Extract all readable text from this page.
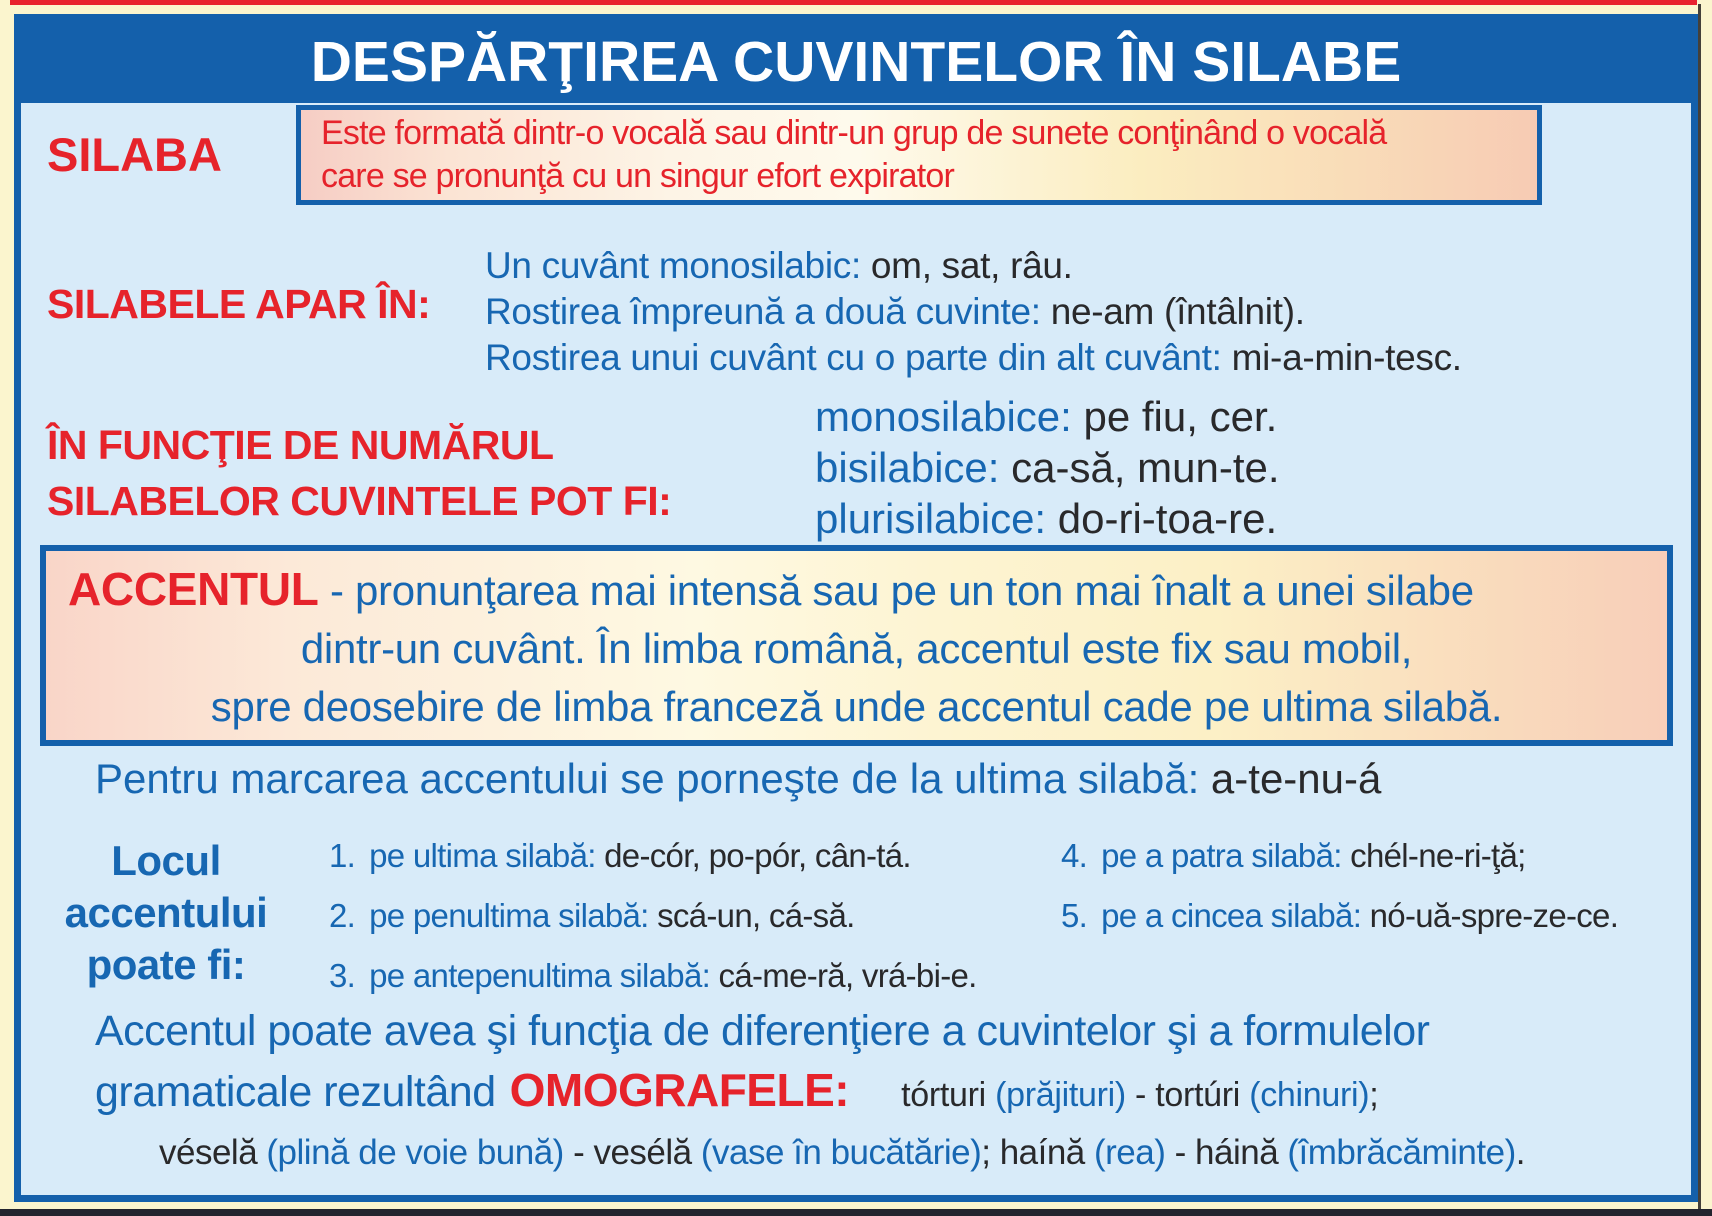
DESPĂRŢIREA CUVINTELOR ÎN SILABE
SILABA	Este formată dintr-o vocală sau dintr-un grup de sunete conţinând o vocală
care se pronunţă cu un singur efort expirator
SILABELE APAR ÎN:
Un cuvânt monosilabic: om, sat, râu.
Rostirea împreună a două cuvinte: ne-am (întâlnit).
Rostirea unui cuvânt cu o parte din alt cuvânt: mi-a-min-tesc.
ÎN FUNCŢIE DE NUMĂRUL
SILABELOR CUVINTELE POT FI:
monosilabice: pe fiu, cer.
bisilabice: ca-să, mun-te.
plurisilabice: do-ri-toa-re.
ACCENTUL - pronunţarea mai intensă sau pe un ton mai înalt a unei silabe
dintr-un cuvânt. În limba română, accentul este fix sau mobil,
spre deosebire de limba franceză unde accentul cade pe ultima silabă.
Pentru marcarea accentului se porneşte de la ultima silabă: a-te-nu-á
Locul
accentului
poate fi:
1. pe ultima silabă: de-cór, po-pór, cân-tá.
2. pe penultima silabă: scá-un, cá-să.
3. pe antepenultima silabă: cá-me-ră, vrá-bi-e.
4. pe a patra silabă: chél-ne-ri-ţă;
5. pe a cincea silabă: nó-uă-spre-ze-ce.
Accentul poate avea şi funcţia de diferenţiere a cuvintelor şi a formulelor
gramaticale rezultând OMOGRAFELE: tórturi (prăjituri) - tortúri (chinuri);
véselă (plină de voie bună) - vesélă (vase în bucătărie); haínă (rea) - háină (îmbrăcăminte).
